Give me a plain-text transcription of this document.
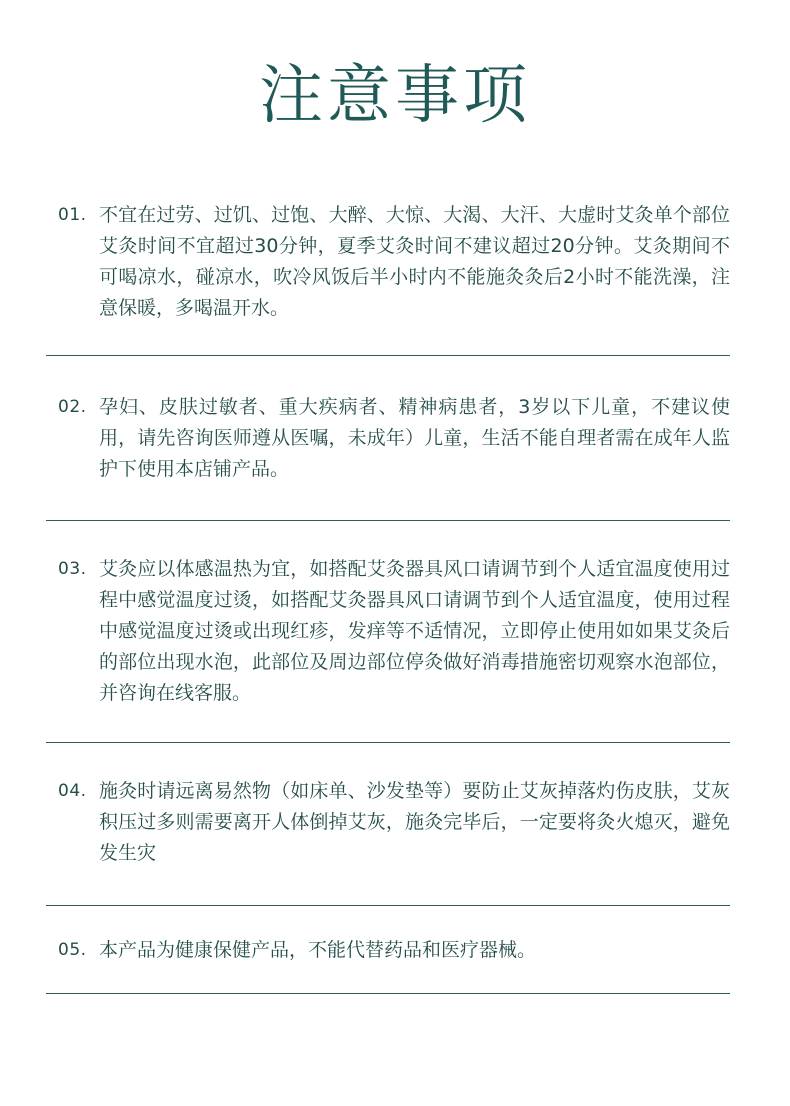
注意事项
01. 不宜在过劳、过饥、过饱、大醉、大惊、大渴、大汗、大虚时艾灸单个部位艾灸时间不宜超过30分钟，夏季艾灸时间不建议超过20分钟。艾灸期间不可喝凉水，碰凉水，吹冷风饭后半小时内不能施灸灸后2小时不能洗澡，注意保暖，多喝温开水。
02. 孕妇、皮肤过敏者、重大疾病者、精神病患者，3岁以下儿童，不建议使用，请先咨询医师遵从医嘱，未成年）儿童，生活不能自理者需在成年人监护下使用本店铺产品。
03. 艾灸应以体感温热为宜，如搭配艾灸器具风口请调节到个人适宜温度使用过程中感觉温度过烫，如搭配艾灸器具风口请调节到个人适宜温度，使用过程中感觉温度过烫或出现红疹，发痒等不适情况，立即停止使用如如果艾灸后的部位出现水泡，此部位及周边部位停灸做好消毒措施密切观察水泡部位，并咨询在线客服。
04. 施灸时请远离易然物（如床单、沙发垫等）要防止艾灰掉落灼伤皮肤，艾灰积压过多则需要离开人体倒掉艾灰，施灸完毕后，一定要将灸火熄灭，避免发生灾
05. 本产品为健康保健产品，不能代替药品和医疗器械。
